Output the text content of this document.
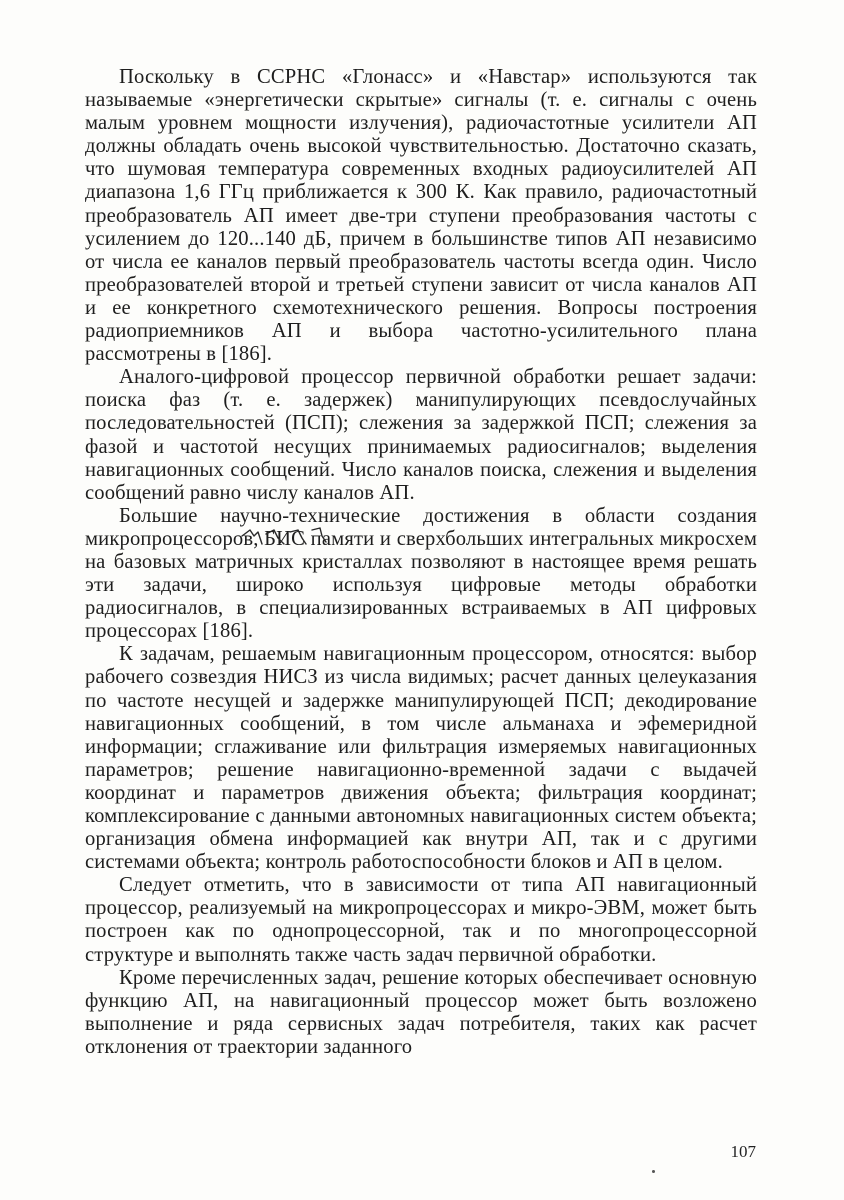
Поскольку в ССРНС «Глонасс» и «Навстар» используются так называемые «энергетически скрытые» сигналы (т. е. сигналы с очень малым уровнем мощности излучения), радиочастотные усилители АП должны обладать очень высокой чувствительностью. Достаточно сказать, что шумовая температура современных входных радиоусилителей АП диапазона 1,6 ГГц приближается к 300 К. Как правило, радиочастотный преобразователь АП имеет две-три ступени преобразования частоты с усилением до 120...140 дБ, причем в большинстве типов АП независимо от числа ее каналов первый преобразователь частоты всегда один. Число преобразователей второй и третьей ступени зависит от числа каналов АП и ее конкретного схемотехнического решения. Вопросы построения радиоприемников АП и выбора частотно-усилительного плана рассмотрены в [186].

Аналого-цифровой процессор первичной обработки решает задачи: поиска фаз (т. е. задержек) манипулирующих псевдослучайных последовательностей (ПСП); слежения за задержкой ПСП; слежения за фазой и частотой несущих принимаемых радиосигналов; выделения навигационных сообщений. Число каналов поиска, слежения и выделения сообщений равно числу каналов АП.

Большие научно-технические достижения в области создания микропроцессоров, БИС памяти и сверхбольших интегральных микросхем на базовых матричных кристаллах позволяют в настоящее время решать эти задачи, широко используя цифровые методы обработки радиосигналов, в специализированных встраиваемых в АП цифровых процессорах [186].

К задачам, решаемым навигационным процессором, относятся: выбор рабочего созвездия НИСЗ из числа видимых; расчет данных целеуказания по частоте несущей и задержке манипулирующей ПСП; декодирование навигационных сообщений, в том числе альманаха и эфемеридной информации; сглаживание или фильтрация измеряемых навигационных параметров; решение навигационно-временной задачи с выдачей координат и параметров движения объекта; фильтрация координат; комплексирование с данными автономных навигационных систем объекта; организация обмена информацией как внутри АП, так и с другими системами объекта; контроль работоспособности блоков и АП в целом.

Следует отметить, что в зависимости от типа АП навигационный процессор, реализуемый на микропроцессорах и микро-ЭВМ, может быть построен как по однопроцессорной, так и по многопроцессорной структуре и выполнять также часть задач первичной обработки.

Кроме перечисленных задач, решение которых обеспечивает основную функцию АП, на навигационный процессор может быть возложено выполнение и ряда сервисных задач потребителя, таких как расчет отклонения от траектории заданного

107
